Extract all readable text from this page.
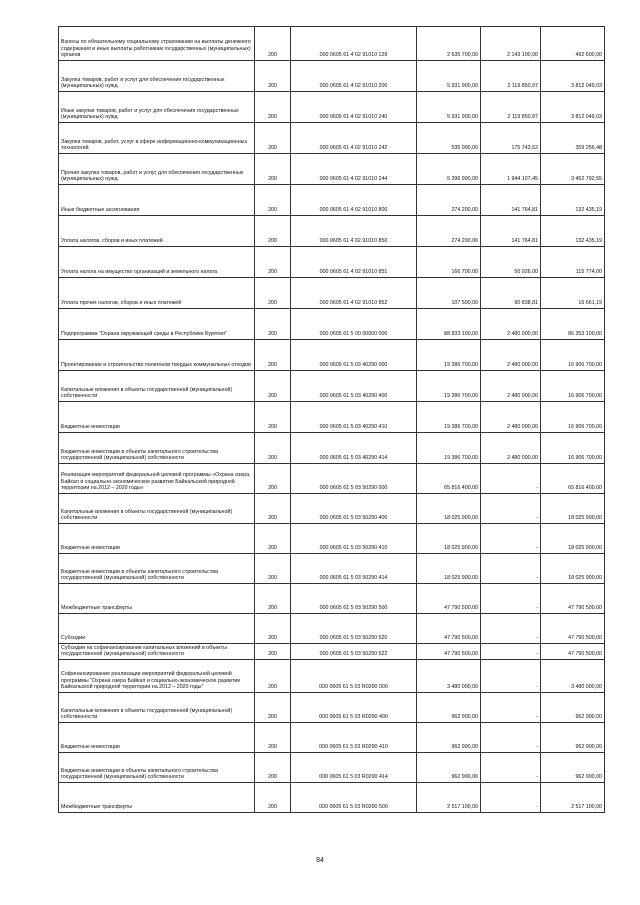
Взносы по обязательному социальному страхованию на выплаты денежного содержания и иные выплаты работникам государственных (муниципальных) органов	200	000 0605 61 4 02 91010 129	2 635 700,00	2 143 100,00	492 600,00
Закупка товаров, работ и услуг для обеспечения государственных (муниципальных) нужд	200	000 0605 61 4 02 91010 200	5 931 900,00	2 119 850,97	3 812 049,03
Иные закупки товаров, работ и услуг для обеспечения государственных (муниципальных) нужд	200	000 0605 61 4 02 91010 240	5 931 900,00	2 119 850,97	3 812 049,03
Закупка товаров, работ, услуг в сфере информационно-коммуникационных технологий	200	000 0605 61 4 02 91010 242	535 000,00	175 743,52	359 256,48
Прочая закупка товаров, работ и услуг для обеспечения государственных (муниципальных) нужд	200	000 0605 61 4 02 91010 244	5 396 900,00	1 944 107,45	3 452 792,55
Иные бюджетные ассигнования	200	000 0605 61 4 02 91010 800	274 200,00	141 764,81	132 435,19
Уплата налогов, сборов и иных платежей	200	000 0605 61 4 02 91010 850	274 200,00	141 764,81	132 435,19
Уплата налога на имущество организаций и земельного налога	200	000 0605 61 4 02 91010 851	166 700,00	50 926,00	115 774,00
Уплата прочих налогов, сборов и иных платежей	200	000 0605 61 4 02 91010 852	107 500,00	90 838,81	16 661,19
Подпрограмма "Охрана окружающей среды в Республике Бурятия"	200	000 0605 61 5 00 00000 000	88 833 100,00	2 480 000,00	86 353 100,00
Проектирование и строительство полигонов твердых коммунальных отходов	200	000 0605 61 5 03 40290 000	19 386 700,00	2 480 000,00	16 906 700,00
Капитальные вложения в объекты государственной (муниципальной) собственности	200	000 0605 61 5 03 40290 400	19 386 700,00	2 480 000,00	16 906 700,00
Бюджетные инвестиции	200	000 0605 61 5 03 40290 410	19 386 700,00	2 480 000,00	16 906 700,00
Бюджетные инвестиции в объекты капитального строительства государственной (муниципальной) собственности	200	000 0605 61 5 03 40290 414	19 386 700,00	2 480 000,00	16 906 700,00
Реализация мероприятий федеральной целевой программы «Охрана озера Байкал и социально-экономическое развитие Байкальской природной территории на 2012 – 2020 годы»	200	000 0605 61 5 03 50290 000	65 816 400,00	-	65 816 400,00
Капитальные вложения в объекты государственной (муниципальной) собственности	200	000 0605 61 5 03 50290 400	18 025 900,00	-	18 025 900,00
Бюджетные инвестиции	200	000 0605 61 5 03 50290 410	18 025 900,00	-	18 025 900,00
Бюджетные инвестиции в объекты капитального строительства государственной (муниципальной) собственности	200	000 0605 61 5 03 50290 414	18 025 900,00	-	18 025 900,00
Межбюджетные трансферты	200	000 0605 61 5 03 50290 500	47 790 500,00	-	47 790 500,00
Субсидии	200	000 0605 61 5 03 50290 520	47 790 500,00	-	47 790 500,00
Субсидии на софинансирование капитальных вложений в объекты государственной (муниципальной) собственности	200	000 0605 61 5 03 50290 522	47 790 500,00	-	47 790 500,00
Софинансирование реализации мероприятий федеральной целевой программы "Охрана озера Байкал и социально-экономическое развитие Байкальской природной территории на 2012 – 2020 годы"	200	000 0605 61 5 03 R0290 000	3 480 000,00	-	3 480 000,00
Капитальные вложения в объекты государственной (муниципальной) собственности	200	000 0605 61 5 03 R0290 400	962 900,00	-	962 900,00
Бюджетные инвестиции	200	000 0605 61 5 03 R0290 410	962 900,00	-	962 900,00
Бюджетные инвестиции в объекты капитального строительства государственной (муниципальной) собственности	200	000 0605 61 5 03 R0290 414	962 900,00	-	962 900,00
Межбюджетные трансферты	200	000 0605 61 5 03 R0290 500	2 517 100,00	-	2 517 100,00
84
